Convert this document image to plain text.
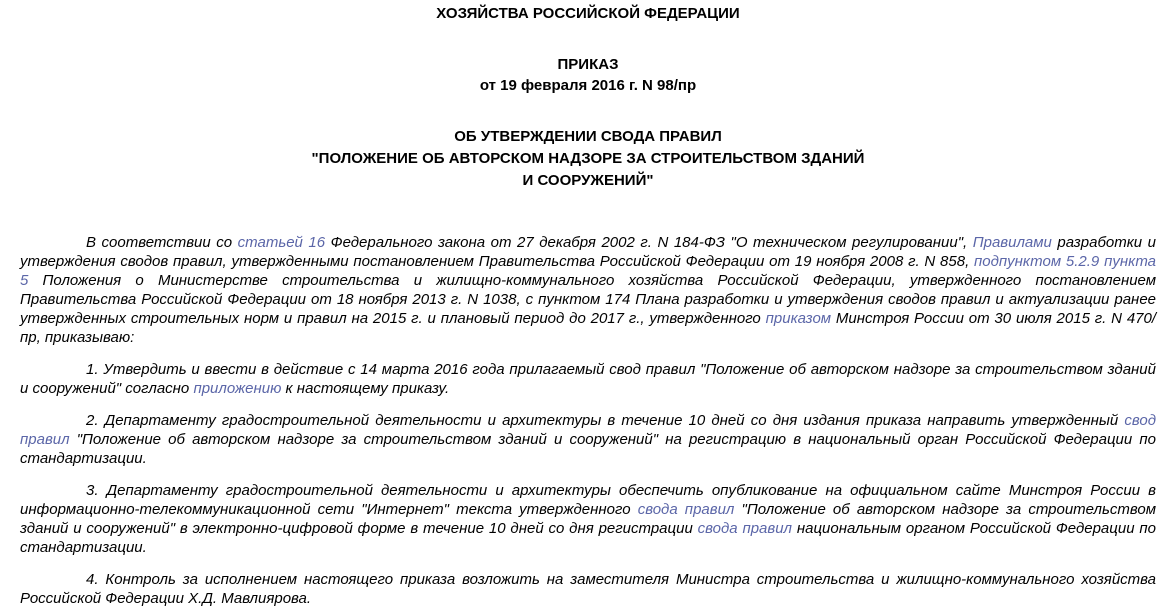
ХОЗЯЙСТВА РОССИЙСКОЙ ФЕДЕРАЦИИ

ПРИКАЗ

от 19 февраля 2016 г. N 98/пр

ОБ УТВЕРЖДЕНИИ СВОДА ПРАВИЛ

"ПОЛОЖЕНИЕ ОБ АВТОРСКОМ НАДЗОРЕ ЗА СТРОИТЕЛЬСТВОМ ЗДАНИЙ

И СООРУЖЕНИЙ"

В соответствии со статьей 16 Федерального закона от 27 декабря 2002 г. N 184-ФЗ "О техническом регулировании", Правилами разработки и утверждения сводов правил, утвержденными постановлением Правительства Российской Федерации от 19 ноября 2008 г. N 858, подпунктом 5.2.9 пункта 5 Положения о Министерстве строительства и жилищно-коммунального хозяйства Российской Федерации, утвержденного постановлением Правительства Российской Федерации от 18 ноября 2013 г. N 1038, с пунктом 174 Плана разработки и утверждения сводов правил и актуализации ранее утвержденных строительных норм и правил на 2015 г. и плановый период до 2017 г., утвержденного приказом Минстроя России от 30 июля 2015 г. N 470/пр, приказываю:

1. Утвердить и ввести в действие с 14 марта 2016 года прилагаемый свод правил "Положение об авторском надзоре за строительством зданий и сооружений" согласно приложению к настоящему приказу.

2. Департаменту градостроительной деятельности и архитектуры в течение 10 дней со дня издания приказа направить утвержденный свод правил "Положение об авторском надзоре за строительством зданий и сооружений" на регистрацию в национальный орган Российской Федерации по стандартизации.

3. Департаменту градостроительной деятельности и архитектуры обеспечить опубликование на официальном сайте Минстроя России в информационно-телекоммуникационной сети "Интернет" текста утвержденного свода правил "Положение об авторском надзоре за строительством зданий и сооружений" в электронно-цифровой форме в течение 10 дней со дня регистрации свода правил национальным органом Российской Федерации по стандартизации.

4. Контроль за исполнением настоящего приказа возложить на заместителя Министра строительства и жилищно-коммунального хозяйства Российской Федерации Х.Д. Мавлиярова.
